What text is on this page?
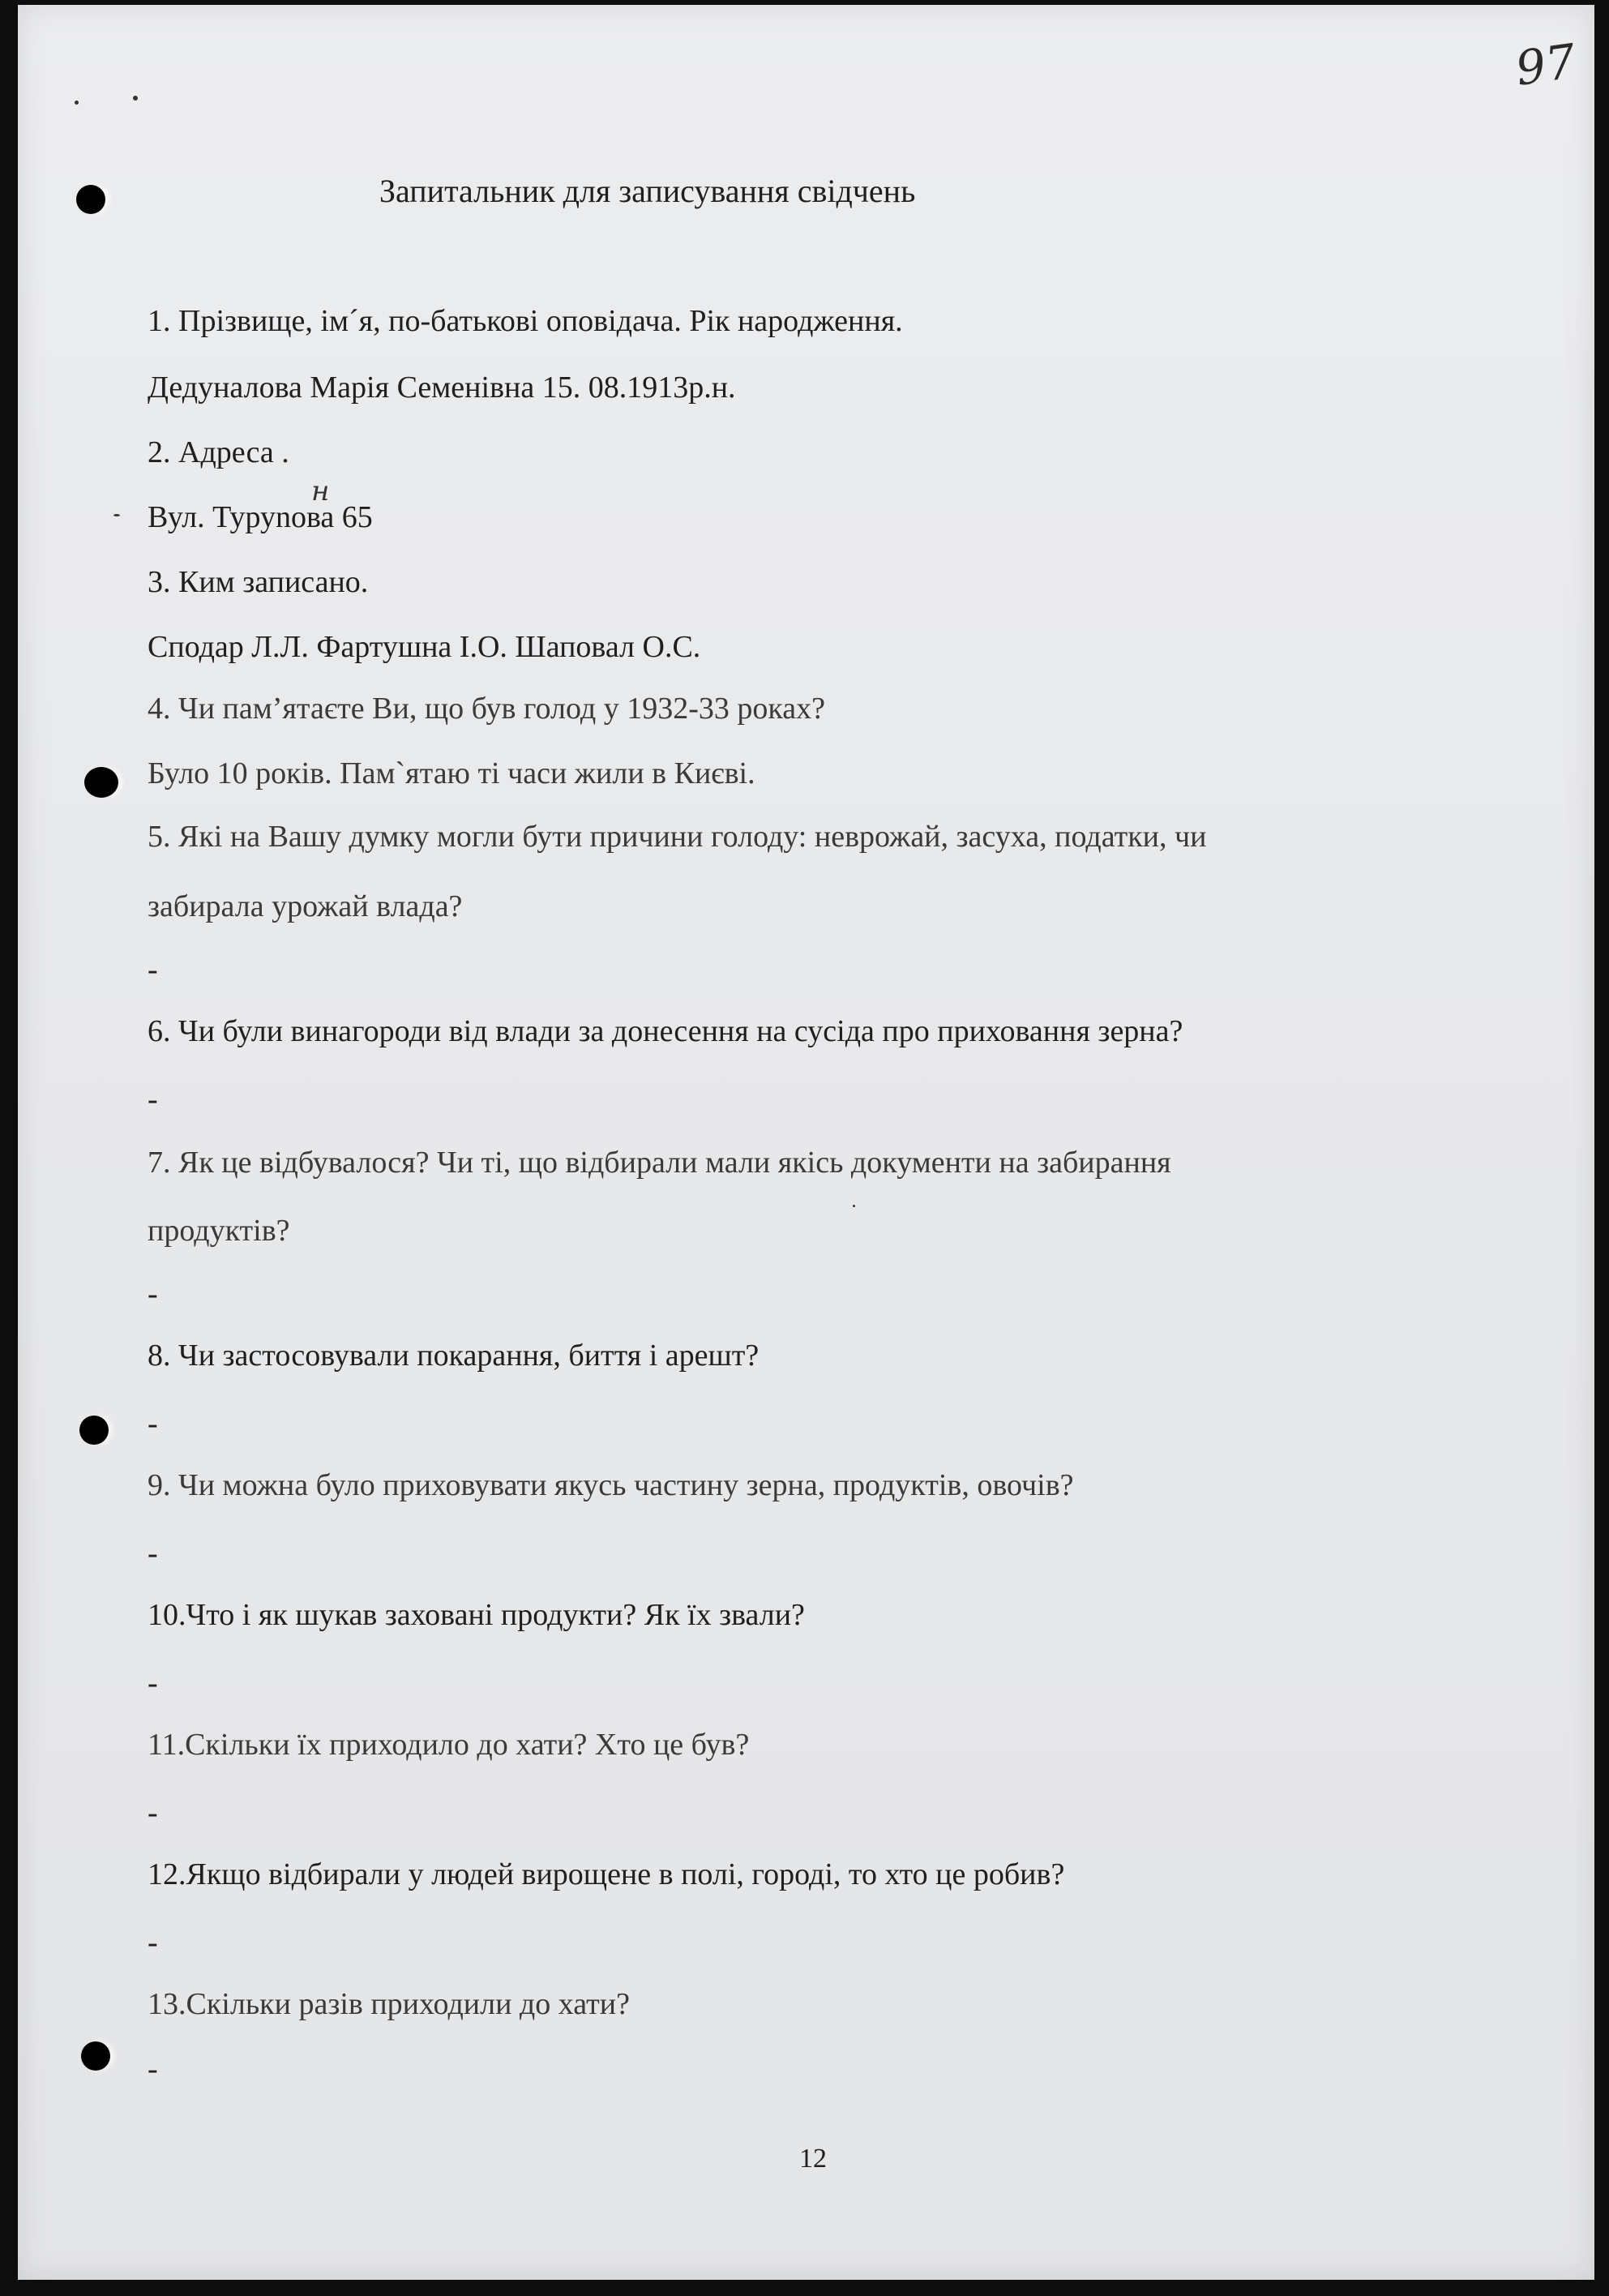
97
Запитальник для записування свідчень
1. Прізвище, ім´я, по-батькові оповідача. Рік народження.
Дедуналова Марія Семенівна 15. 08.1913р.н.
2. Адреса .
н
Вул. Туруnова 65
3. Ким записано.
Сподар Л.Л. Фартушна І.О. Шаповал О.С.
4. Чи пам’ятаєте Ви, що був голод у 1932-33 роках?
Було 10 років. Пам`ятаю ті часи жили в Києві.
5. Які на Вашу думку могли бути причини голоду: неврожай, засуха, податки, чи
забирала урожай влада?
-
6. Чи були винагороди від влади за донесення на сусіда про приховання зерна?
-
7. Як це відбувалося? Чи ті, що відбирали мали якісь документи на забирання
продуктів?
-
8. Чи застосовували покарання, биття і арешт?
-
9. Чи можна було приховувати якусь частину зерна, продуктів, овочів?
-
10.Что і як шукав заховані продукти? Як їх звали?
-
11.Скільки їх приходило до хати? Хто це був?
-
12.Якщо відбирали у людей вирощене в полі, городі, то хто це робив?
-
13.Скільки разів приходили до хати?
-
12
